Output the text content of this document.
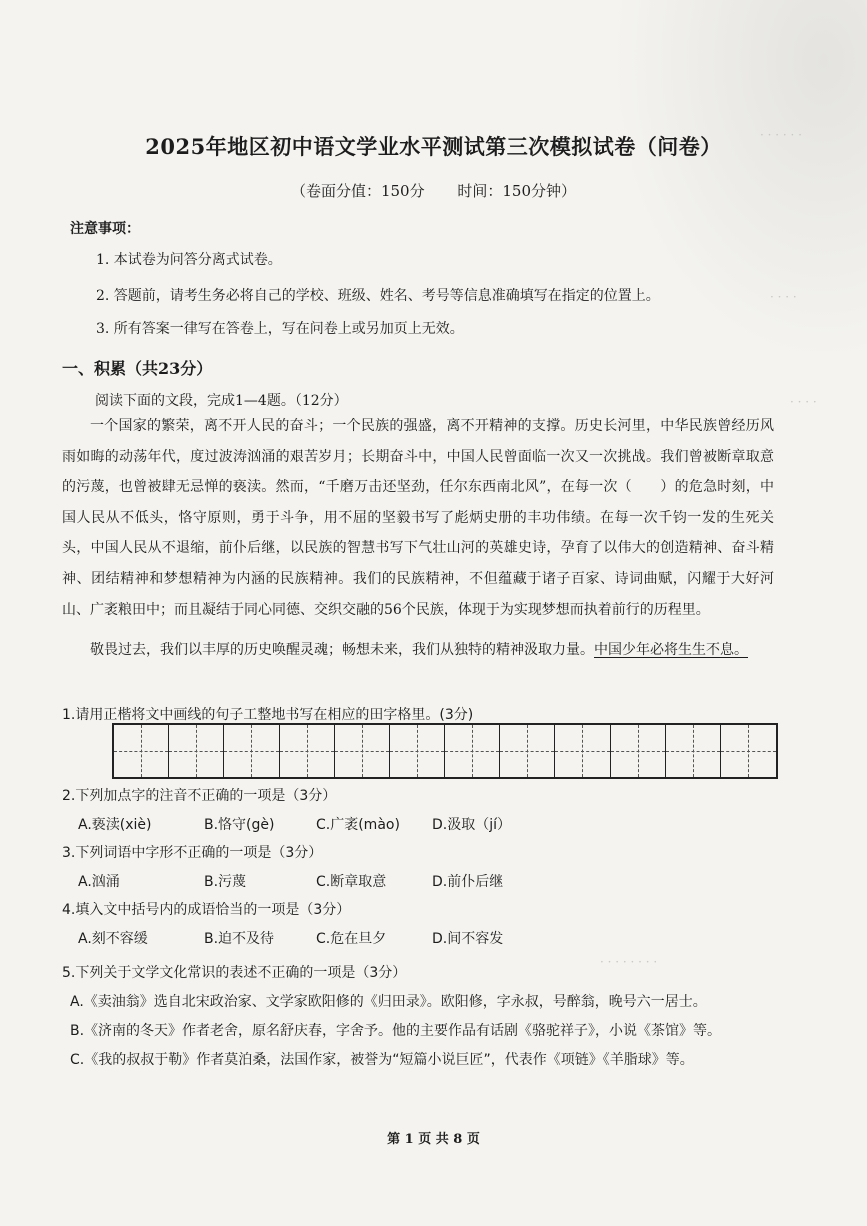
· · · · · ·
· · · ·
· · · ·
· · · · · · · ·
2025年地区初中语文学业水平测试第三次模拟试卷（问卷）
（卷面分值：150分 时间：150分钟）
注意事项：
1. 本试卷为问答分离式试卷。
2. 答题前，请考生务必将自己的学校、班级、姓名、考号等信息准确填写在指定的位置上。
3. 所有答案一律写在答卷上，写在问卷上或另加页上无效。
一、积累（共23分）
阅读下面的文段，完成1—4题。（12分）
一个国家的繁荣，离不开人民的奋斗；一个民族的强盛，离不开精神的支撑。历史长河里，中华民族曾经历风雨如晦的动荡年代，度过波涛汹涌的艰苦岁月；长期奋斗中，中国人民曾面临一次又一次挑战。我们曾被断章取意的污蔑，也曾被肆无忌惮的亵渎。然而，“千磨万击还坚劲，任尔东西南北风”，在每一次（　　）的危急时刻，中国人民从不低头，恪守原则，勇于斗争，用不屈的坚毅书写了彪炳史册的丰功伟绩。在每一次千钧一发的生死关头，中国人民从不退缩，前仆后继，以民族的智慧书写下气壮山河的英雄史诗，孕育了以伟大的创造精神、奋斗精神、团结精神和梦想精神为内涵的民族精神。我们的民族精神，不但蕴藏于诸子百家、诗词曲赋，闪耀于大好河山、广袤粮田中；而且凝结于同心同德、交织交融的56个民族，体现于为实现梦想而执着前行的历程里。
敬畏过去，我们以丰厚的历史唤醒灵魂；畅想未来，我们从独特的精神汲取力量。中国少年必将生生不息。
1.请用正楷将文中画线的句子工整地书写在相应的田字格里。(3分)
2.下列加点字的注音不正确的一项是（3分）
A.亵渎(xiè)	B.恪守(gè)	C.广袤(mào) D.汲取（jí）
3.下列词语中字形不正确的一项是（3分）
A.汹涌	B.污蔑	C.断章取意	D.前仆后继
4.填入文中括号内的成语恰当的一项是（3分）
A.刻不容缓	B.迫不及待	C.危在旦夕	D.间不容发
5.下列关于文学文化常识的表述不正确的一项是（3分）
A.《卖油翁》选自北宋政治家、文学家欧阳修的《归田录》。欧阳修，字永叔，号醉翁，晚号六一居士。
B.《济南的冬天》作者老舍，原名舒庆春，字舍予。他的主要作品有话剧《骆驼祥子》，小说《茶馆》等。
C.《我的叔叔于勒》作者莫泊桑，法国作家，被誉为“短篇小说巨匠”，代表作《项链》《羊脂球》等。
第 1 页 共 8 页
